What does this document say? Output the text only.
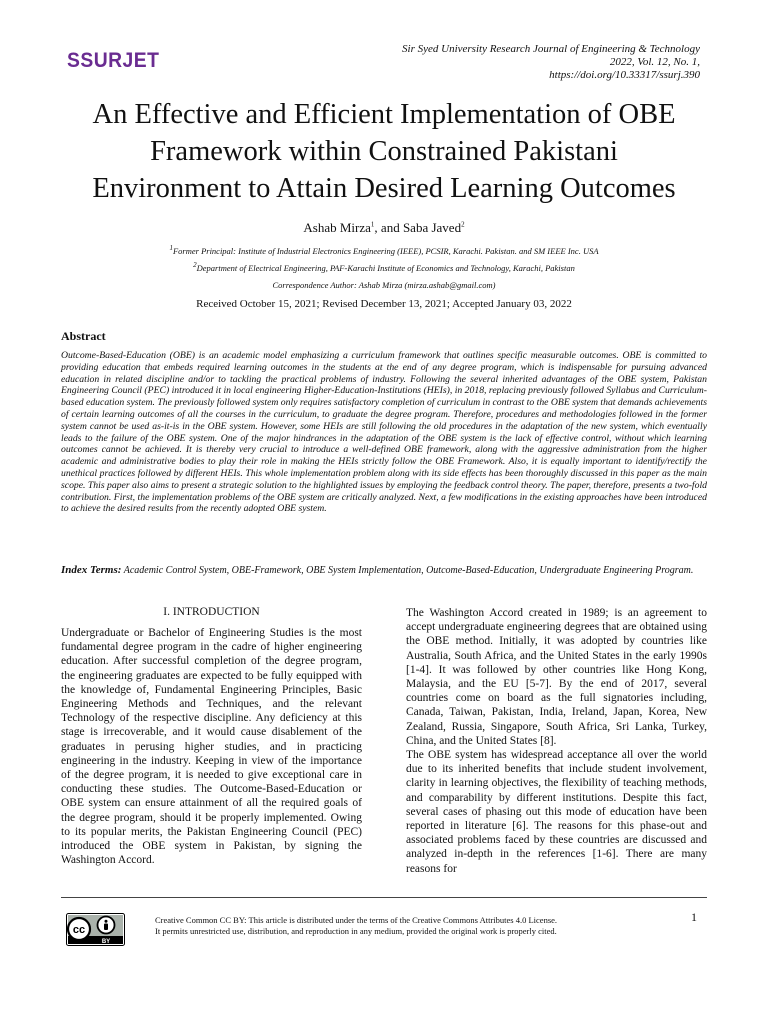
SSURJET	Sir Syed University Research Journal of Engineering & Technology
2022, Vol. 12, No. 1,
https://doi.org/10.33317/ssurj.390
An Effective and Efficient Implementation of OBE
Framework within Constrained Pakistani
Environment to Attain Desired Learning Outcomes
Ashab Mirza$^1$, and Saba Javed$^2$
$^1$Former Principal: Institute of Industrial Electronics Engineering (IEEE), PCSIR, Karachi. Pakistan. and SM IEEE Inc. USA
$^2$Department of Electrical Engineering, PAF-Karachi Institute of Economics and Technology, Karachi, Pakistan
Correspondence Author: Ashab Mirza (mirza.ashab@gmail.com)
Received October 15, 2021; Revised December 13, 2021; Accepted January 03, 2022
Abstract
Outcome-Based-Education (OBE) is an academic model emphasizing a curriculum framework that outlines specific measurable outcomes. OBE is committed to providing education that embeds required learning outcomes in the students at the end of any degree program, which is indispensable for pursuing advanced education in related discipline and/or to tackling the practical problems of industry. Following the several inherited advantages of the OBE system, Pakistan Engineering Council (PEC) introduced it in local engineering Higher-Education-Institutions (HEIs), in 2018, replacing previously followed Syllabus and Curriculum-based education system. The previously followed system only requires satisfactory completion of curriculum in contrast to the OBE system that demands achievements of certain learning outcomes of all the courses in the curriculum, to graduate the degree program. Therefore, procedures and methodologies followed in the former system cannot be used as-it-is in the OBE system. However, some HEIs are still following the old procedures in the adaptation of the new system, which eventually leads to the failure of the OBE system. One of the major hindrances in the adaptation of the OBE system is the lack of effective control, without which learning outcomes cannot be achieved. It is thereby very crucial to introduce a well-defined OBE framework, along with the aggressive administration from the higher academic and administrative bodies to play their role in making the HEIs strictly follow the OBE Framework. Also, it is equally important to identify/rectify the unethical practices followed by different HEIs. This whole implementation problem along with its side effects has been thoroughly discussed in this paper as the main scope. This paper also aims to present a strategic solution to the highlighted issues by employing the feedback control theory. The paper, therefore, presents a two-fold contribution. First, the implementation problems of the OBE system are critically analyzed. Next, a few modifications in the existing approaches have been introduced to achieve the desired results from the recently adopted OBE system.
Index Terms: Academic Control System, OBE-Framework, OBE System Implementation, Outcome-Based-Education, Undergraduate Engineering Program.
I. INTRODUCTION
Undergraduate or Bachelor of Engineering Studies is the most fundamental degree program in the cadre of higher engineering education. After successful completion of the degree program, the engineering graduates are expected to be fully equipped with the knowledge of, Fundamental Engineering Principles, Basic Engineering Methods and Techniques, and the relevant Technology of the respective discipline. Any deficiency at this stage is irrecoverable, and it would cause disablement of the graduates in perusing higher studies, and in practicing engineering in the industry. Keeping in view of the importance of the degree program, it is needed to give exceptional care in conducting these studies. The Outcome-Based-Education or OBE system can ensure attainment of all the required goals of the degree program, should it be properly implemented. Owing to its popular merits, the Pakistan Engineering Council (PEC) introduced the OBE system in Pakistan, by signing the Washington Accord.
The Washington Accord created in 1989; is an agreement to accept undergraduate engineering degrees that are obtained using the OBE method. Initially, it was adopted by countries like Australia, South Africa, and the United States in the early 1990s [1-4]. It was followed by other countries like Hong Kong, Malaysia, and the EU [5-7]. By the end of 2017, several countries come on board as the full signatories including, Canada, Taiwan, Pakistan, India, Ireland, Japan, Korea, New Zealand, Russia, Singapore, South Africa, Sri Lanka, Turkey, China, and the United States [8].
The OBE system has widespread acceptance all over the world due to its inherited benefits that include student involvement, clarity in learning objectives, the flexibility of teaching methods, and comparability by different institutions. Despite this fact, several cases of phasing out this mode of education have been reported in literature [6]. The reasons for this phase-out and associated problems faced by these countries are discussed and analyzed in-depth in the references [1-6]. There are many reasons for
cc
BY
Creative Common CC BY: This article is distributed under the terms of the Creative Commons Attributes 4.0 License.
It permits unrestricted use, distribution, and reproduction in any medium, provided the original work is properly cited.
1
